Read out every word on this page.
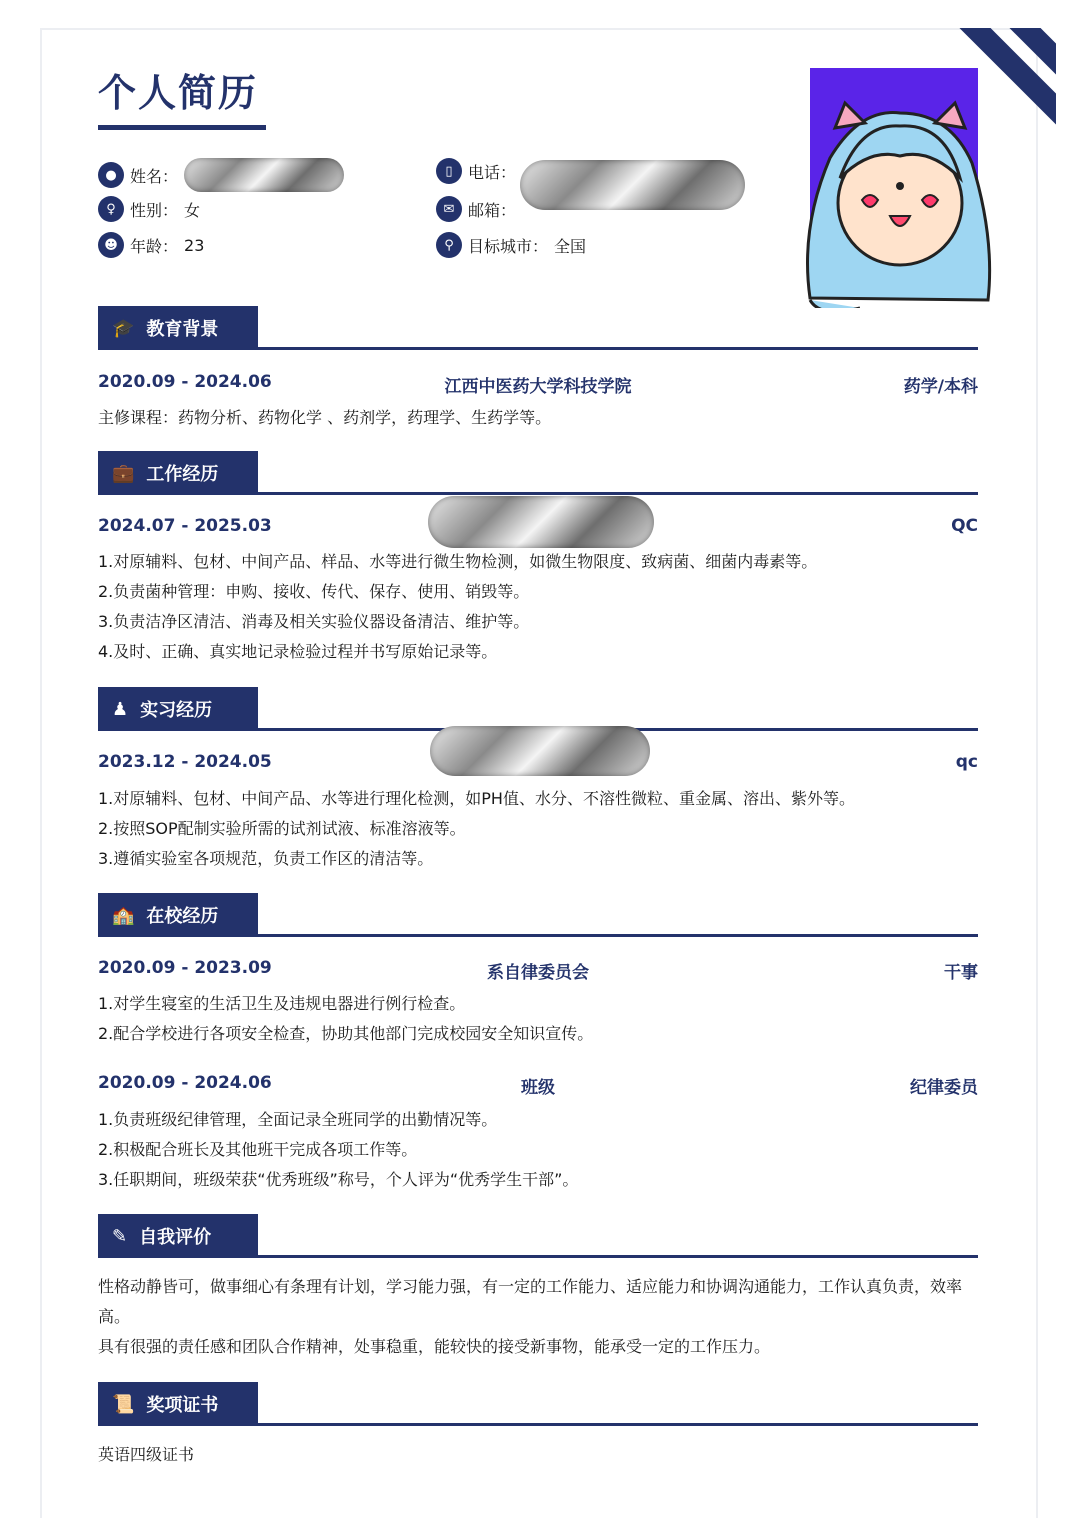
个人简历
● 姓名：
♀ 性别： 女
☻ 年龄： 23
▯ 电话：
✉ 邮箱：
⚲ 目标城市： 全国
🎓 教育背景
2020.09 - 2024.06	江西中医药大学科技学院	药学/本科
主修课程：药物分析、药物化学 、药剂学，药理学、生药学等。
💼 工作经历
2024.07 - 2025.03	QC
1.对原辅料、包材、中间产品、样品、水等进行微生物检测，如微生物限度、致病菌、细菌内毒素等。
2.负责菌种管理：申购、接收、传代、保存、使用、销毁等。
3.负责洁净区清洁、消毒及相关实验仪器设备清洁、维护等。
4.及时、正确、真实地记录检验过程并书写原始记录等。
♟ 实习经历
2023.12 - 2024.05	qc
1.对原辅料、包材、中间产品、水等进行理化检测，如PH值、水分、不溶性微粒、重金属、溶出、紫外等。
2.按照SOP配制实验所需的试剂试液、标准溶液等。
3.遵循实验室各项规范，负责工作区的清洁等。
🏫 在校经历
2020.09 - 2023.09	系自律委员会	干事
1.对学生寝室的生活卫生及违规电器进行例行检查。
2.配合学校进行各项安全检查，协助其他部门完成校园安全知识宣传。
2020.09 - 2024.06	班级	纪律委员
1.负责班级纪律管理，全面记录全班同学的出勤情况等。
2.积极配合班长及其他班干完成各项工作等。
3.任职期间，班级荣获“优秀班级”称号，个人评为“优秀学生干部”。
✎ 自我评价
性格动静皆可，做事细心有条理有计划，学习能力强，有一定的工作能力、适应能力和协调沟通能力，工作认真负责，效率高。
具有很强的责任感和团队合作精神，处事稳重，能较快的接受新事物，能承受一定的工作压力。
📜 奖项证书
英语四级证书
